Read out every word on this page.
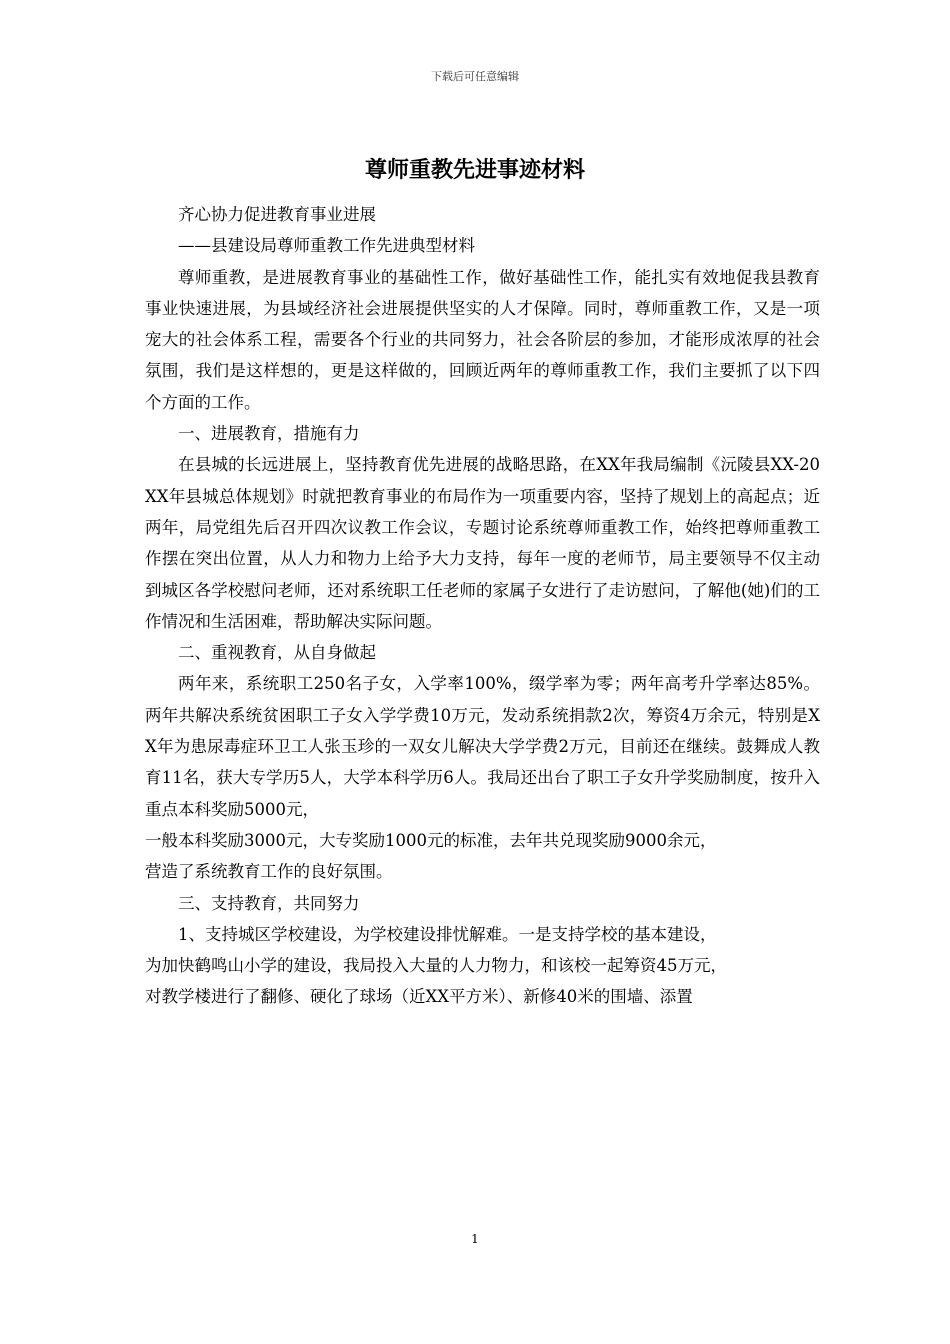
下载后可任意编辑
尊师重教先进事迹材料

齐心协力促进教育事业进展

——县建设局尊师重教工作先进典型材料

尊师重教，是进展教育事业的基础性工作，做好基础性工作，能扎实有效地促我县教育事业快速进展，为县域经济社会进展提供坚实的人才保障。同时，尊师重教工作，又是一项宠大的社会体系工程，需要各个行业的共同努力，社会各阶层的参加，才能形成浓厚的社会氛围，我们是这样想的，更是这样做的，回顾近两年的尊师重教工作，我们主要抓了以下四个方面的工作。

一、进展教育，措施有力

在县城的长远进展上，坚持教育优先进展的战略思路，在XX年我局编制《沅陵县XX-20XX年县城总体规划》时就把教育事业的布局作为一项重要内容，坚持了规划上的高起点；近两年，局党组先后召开四次议教工作会议，专题讨论系统尊师重教工作，始终把尊师重教工作摆在突出位置，从人力和物力上给予大力支持，每年一度的老师节，局主要领导不仅主动到城区各学校慰问老师，还对系统职工任老师的家属子女进行了走访慰问，了解他(她)们的工作情况和生活困难，帮助解决实际问题。

二、重视教育，从自身做起

两年来，系统职工250名子女，入学率100%，缀学率为零；两年高考升学率达85%。两年共解决系统贫困职工子女入学学费10万元，发动系统捐款2次，筹资4万余元，特别是XX年为患尿毒症环卫工人张玉珍的一双女儿解决大学学费2万元，目前还在继续。鼓舞成人教育11名，获大专学历5人，大学本科学历6人。我局还出台了职工子女升学奖励制度，按升入重点本科奖励5000元，
一般本科奖励3000元，大专奖励1000元的标准，去年共兑现奖励9000余元，
营造了系统教育工作的良好氛围。

三、支持教育，共同努力

1、支持城区学校建设，为学校建设排忧解难。一是支持学校的基本建设，
为加快鹤鸣山小学的建设，我局投入大量的人力物力，和该校一起筹资45万元，
对教学楼进行了翻修、硬化了球场（近XX平方米）、新修40米的围墙、添置

1
